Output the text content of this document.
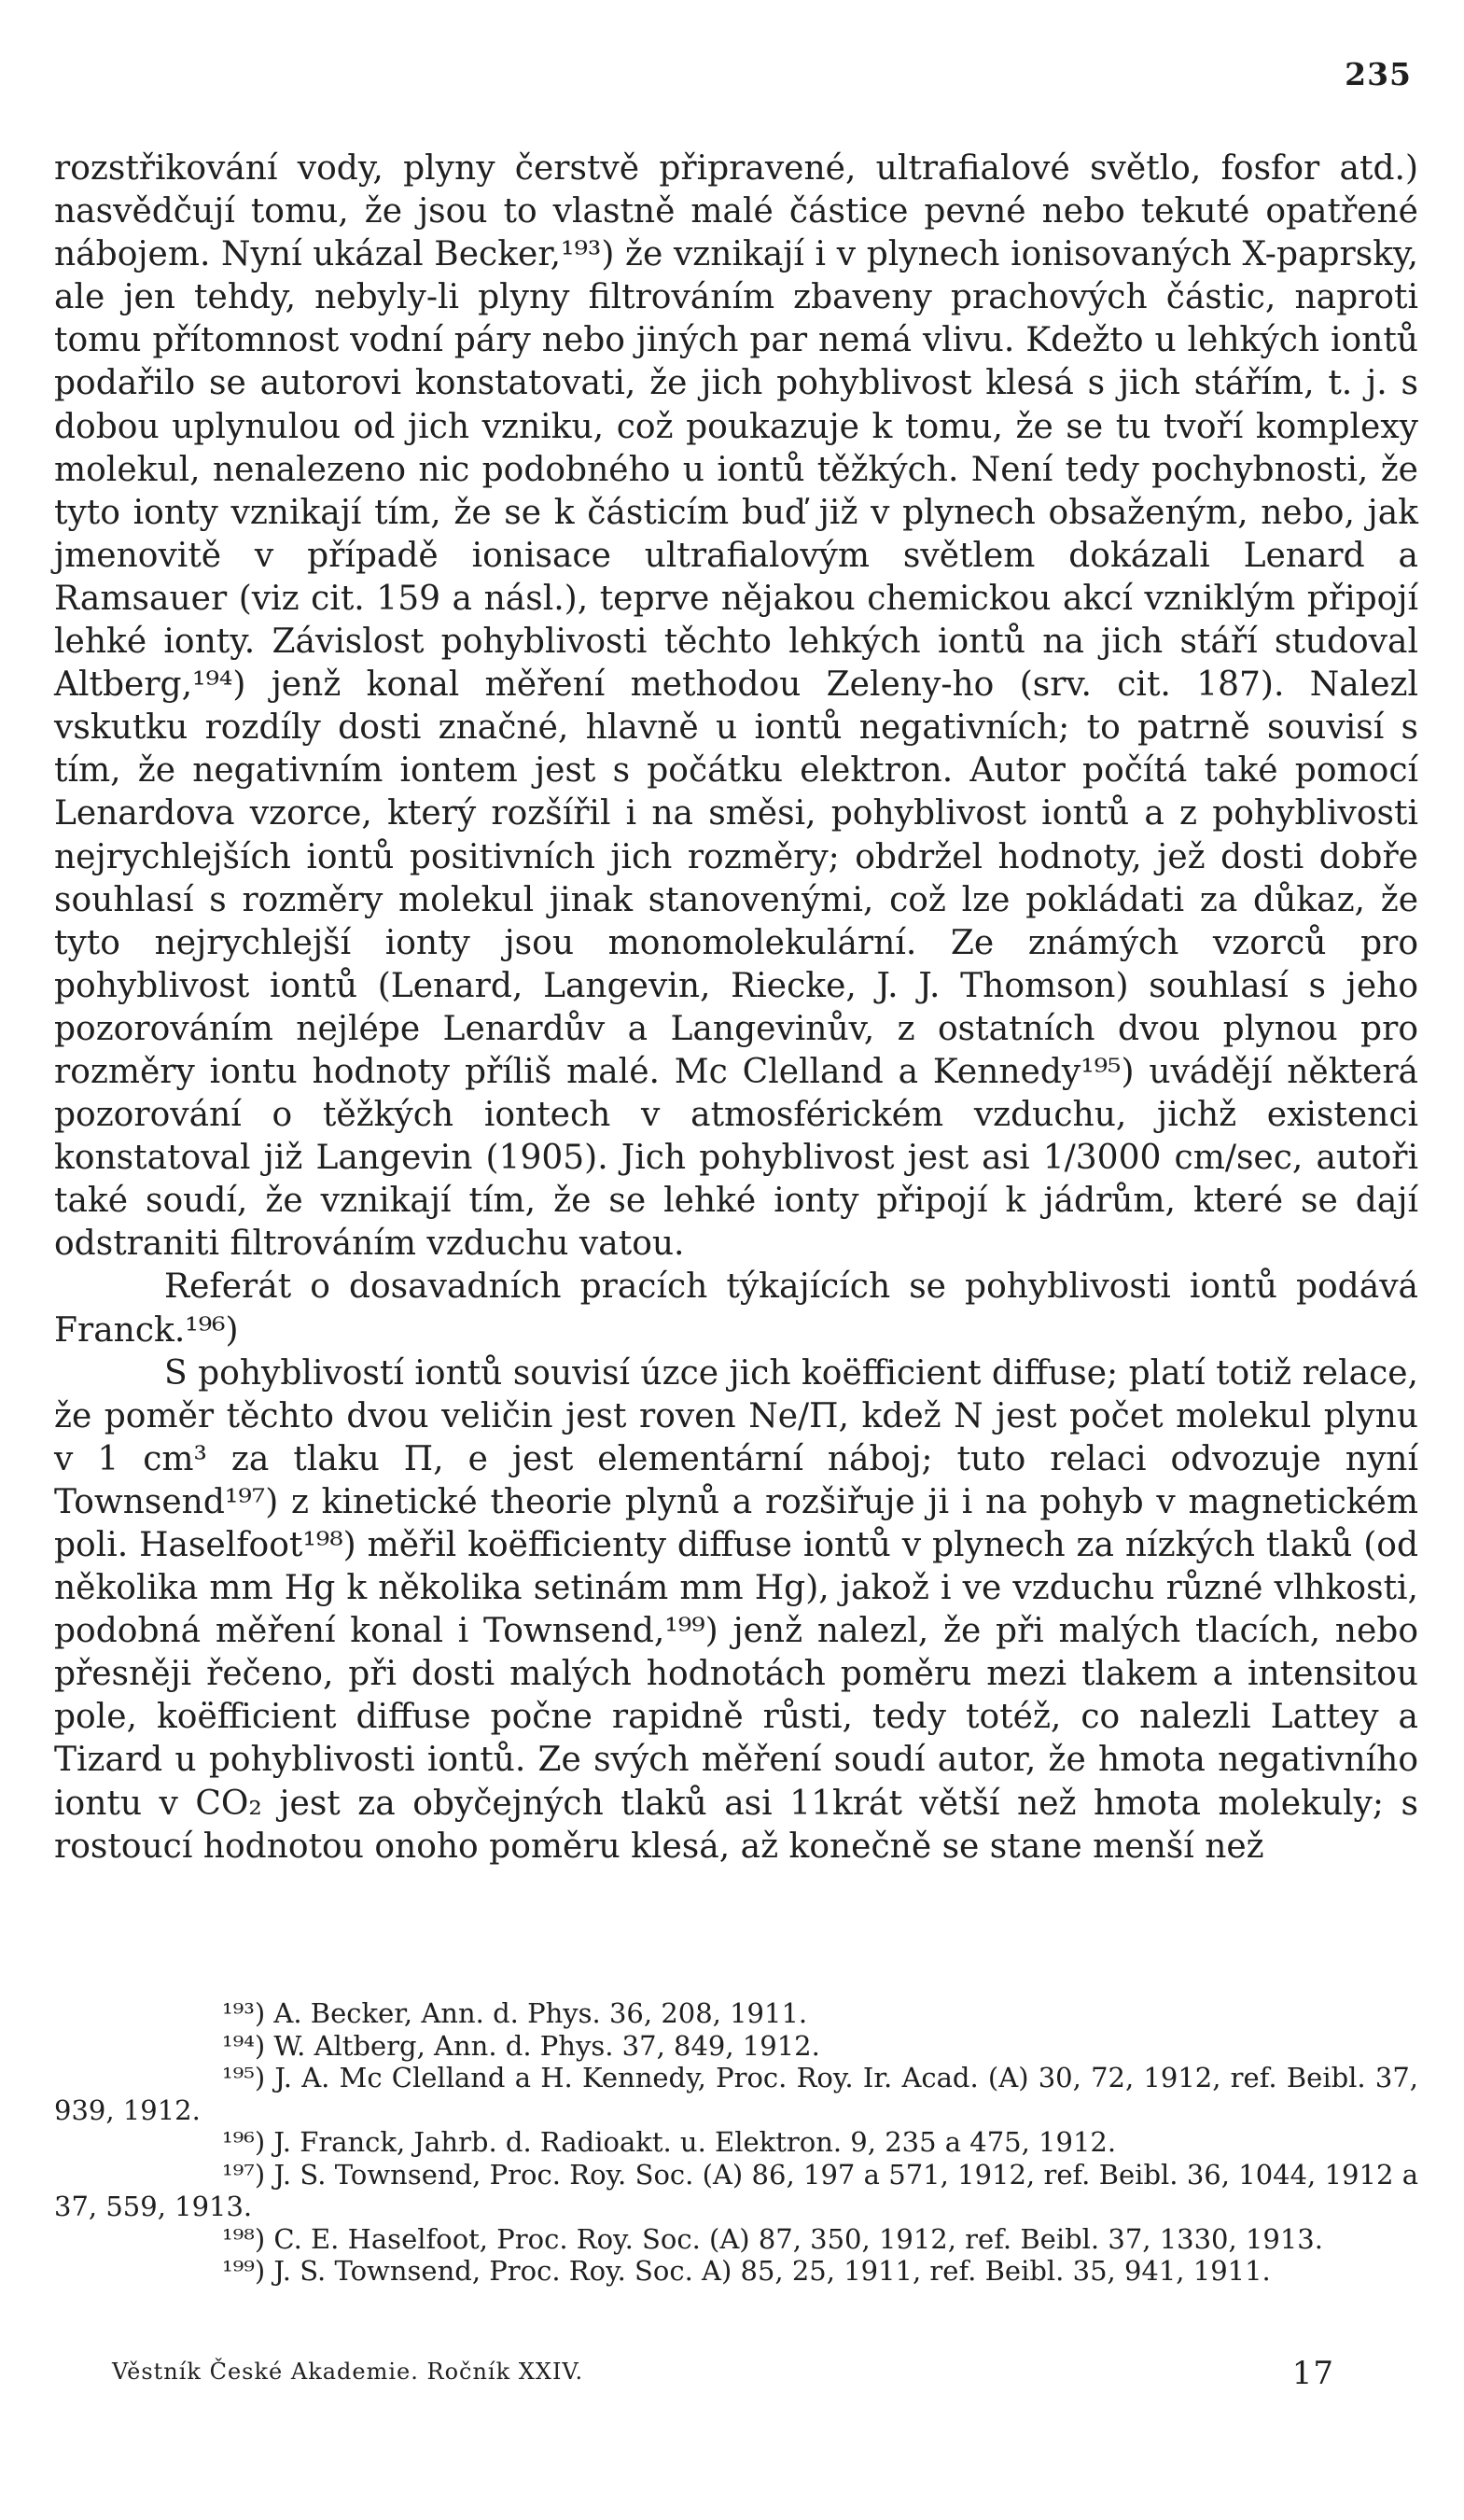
235

rozstřikování vody, plyny čerstvě připravené, ultrafialové světlo, fosfor atd.) nasvědčují tomu, že jsou to vlastně malé částice pevné nebo tekuté opatřené nábojem. Nyní ukázal Becker,¹⁹³) že vznikají i v plynech ionisovaných X-paprsky, ale jen tehdy, nebyly-li plyny filtrováním zbaveny prachových částic, naproti tomu přítomnost vodní páry nebo jiných par nemá vlivu. Kdežto u lehkých iontů podařilo se autorovi konstatovati, že jich pohyblivost klesá s jich stářím, t. j. s dobou uplynulou od jich vzniku, což poukazuje k tomu, že se tu tvoří komplexy molekul, nenalezeno nic podobného u iontů těžkých. Není tedy pochybnosti, že tyto ionty vznikají tím, že se k částicím buď již v plynech obsaženým, nebo, jak jmenovitě v případě ionisace ultrafialovým světlem dokázali Lenard a Ramsauer (viz cit. 159 a násl.), teprve nějakou chemickou akcí vzniklým připojí lehké ionty. Závislost pohyblivosti těchto lehkých iontů na jich stáří studoval Altberg,¹⁹⁴) jenž konal měření methodou Zeleny-ho (srv. cit. 187). Nalezl vskutku rozdíly dosti značné, hlavně u iontů negativních; to patrně souvisí s tím, že negativním iontem jest s počátku elektron. Autor počítá také pomocí Lenardova vzorce, který rozšířil i na směsi, pohyblivost iontů a z pohyblivosti nejrychlejších iontů positivních jich rozměry; obdržel hodnoty, jež dosti dobře souhlasí s rozměry molekul jinak stanovenými, což lze pokládati za důkaz, že tyto nejrychlejší ionty jsou monomolekulární. Ze známých vzorců pro pohyblivost iontů (Lenard, Langevin, Riecke, J. J. Thomson) souhlasí s jeho pozorováním nejlépe Lenardův a Langevinův, z ostatních dvou plynou pro rozměry iontu hodnoty příliš malé. Mc Clelland a Kennedy¹⁹⁵) uvádějí některá pozorování o těžkých iontech v atmosférickém vzduchu, jichž existenci konstatoval již Langevin (1905). Jich pohyblivost jest asi 1/3000 cm/sec, autoři také soudí, že vznikají tím, že se lehké ionty připojí k jádrům, které se dají odstraniti filtrováním vzduchu vatou.

Referát o dosavadních pracích týkajících se pohyblivosti iontů podává Franck.¹⁹⁶)

S pohyblivostí iontů souvisí úzce jich koëfficient diffuse; platí totiž relace, že poměr těchto dvou veličin jest roven Ne/Π, kdež N jest počet molekul plynu v 1 cm³ za tlaku Π, e jest elementární náboj; tuto relaci odvozuje nyní Townsend¹⁹⁷) z kinetické theorie plynů a rozšiřuje ji i na pohyb v magnetickém poli. Haselfoot¹⁹⁸) měřil koëfficienty diffuse iontů v plynech za nízkých tlaků (od několika mm Hg k několika setinám mm Hg), jakož i ve vzduchu různé vlhkosti, podobná měření konal i Townsend,¹⁹⁹) jenž nalezl, že při malých tlacích, nebo přesněji řečeno, při dosti malých hodnotách poměru mezi tlakem a intensitou pole, koëfficient diffuse počne rapidně růsti, tedy totéž, co nalezli Lattey a Tizard u pohyblivosti iontů. Ze svých měření soudí autor, že hmota negativního iontu v CO₂ jest za obyčejných tlaků asi 11krát větší než hmota molekuly; s rostoucí hodnotou onoho poměru klesá, až konečně se stane menší než

¹⁹³) A. Becker, Ann. d. Phys. 36, 208, 1911.

¹⁹⁴) W. Altberg, Ann. d. Phys. 37, 849, 1912.

¹⁹⁵) J. A. Mc Clelland a H. Kennedy, Proc. Roy. Ir. Acad. (A) 30, 72, 1912, ref. Beibl. 37, 939, 1912.

¹⁹⁶) J. Franck, Jahrb. d. Radioakt. u. Elektron. 9, 235 a 475, 1912.

¹⁹⁷) J. S. Townsend, Proc. Roy. Soc. (A) 86, 197 a 571, 1912, ref. Beibl. 36, 1044, 1912 a 37, 559, 1913.

¹⁹⁸) C. E. Haselfoot, Proc. Roy. Soc. (A) 87, 350, 1912, ref. Beibl. 37, 1330, 1913.

¹⁹⁹) J. S. Townsend, Proc. Roy. Soc. A) 85, 25, 1911, ref. Beibl. 35, 941, 1911.

Věstník České Akademie. Ročník XXIV.	17
